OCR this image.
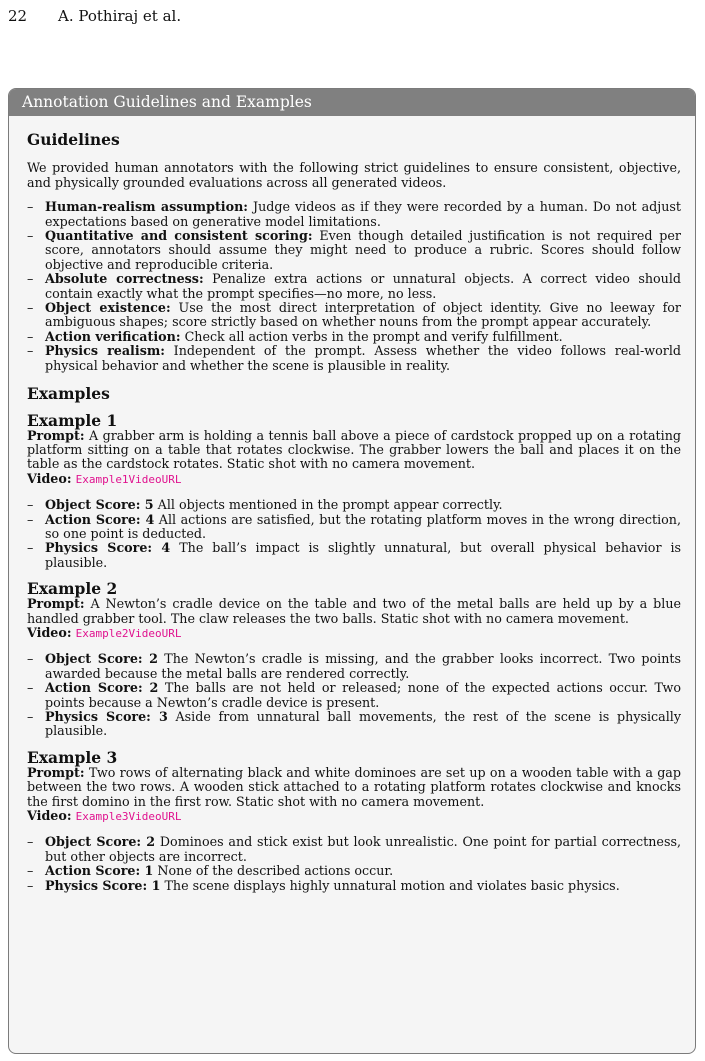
22 A. Pothiraj et al.
Annotation Guidelines and Examples
Guidelines

We provided human annotators with the following strict guidelines to ensure consistent, objective, and physically grounded evaluations across all generated videos.

– Human-realism assumption: Judge videos as if they were recorded by a human. Do not adjust expectations based on generative model limitations.
– Quantitative and consistent scoring: Even though detailed justification is not required per score, annotators should assume they might need to produce a rubric. Scores should follow objective and reproducible criteria.
– Absolute correctness: Penalize extra actions or unnatural objects. A correct video should contain exactly what the prompt specifies—no more, no less.
– Object existence: Use the most direct interpretation of object identity. Give no leeway for ambiguous shapes; score strictly based on whether nouns from the prompt appear accurately.
– Action verification: Check all action verbs in the prompt and verify fulfillment.
– Physics realism: Independent of the prompt. Assess whether the video follows real-world physical behavior and whether the scene is plausible in reality.
Examples
Example 1

Prompt: A grabber arm is holding a tennis ball above a piece of cardstock propped up on a rotating platform sitting on a table that rotates clockwise. The grabber lowers the ball and places it on the table as the cardstock rotates. Static shot with no camera movement.

Video: Example1VideoURL

– Object Score: 5 All objects mentioned in the prompt appear correctly.
– Action Score: 4 All actions are satisfied, but the rotating platform moves in the wrong direction, so one point is deducted.
– Physics Score: 4 The ball’s impact is slightly unnatural, but overall physical behavior is plausible.
Example 2

Prompt: A Newton’s cradle device on the table and two of the metal balls are held up by a blue handled grabber tool. The claw releases the two balls. Static shot with no camera movement.

Video: Example2VideoURL

– Object Score: 2 The Newton’s cradle is missing, and the grabber looks incorrect. Two points awarded because the metal balls are rendered correctly.
– Action Score: 2 The balls are not held or released; none of the expected actions occur. Two points because a Newton’s cradle device is present.
– Physics Score: 3 Aside from unnatural ball movements, the rest of the scene is physically plausible.
Example 3

Prompt: Two rows of alternating black and white dominoes are set up on a wooden table with a gap between the two rows. A wooden stick attached to a rotating platform rotates clockwise and knocks the first domino in the first row. Static shot with no camera movement.

Video: Example3VideoURL

– Object Score: 2 Dominoes and stick exist but look unrealistic. One point for partial correctness, but other objects are incorrect.
– Action Score: 1 None of the described actions occur.
– Physics Score: 1 The scene displays highly unnatural motion and violates basic physics.
